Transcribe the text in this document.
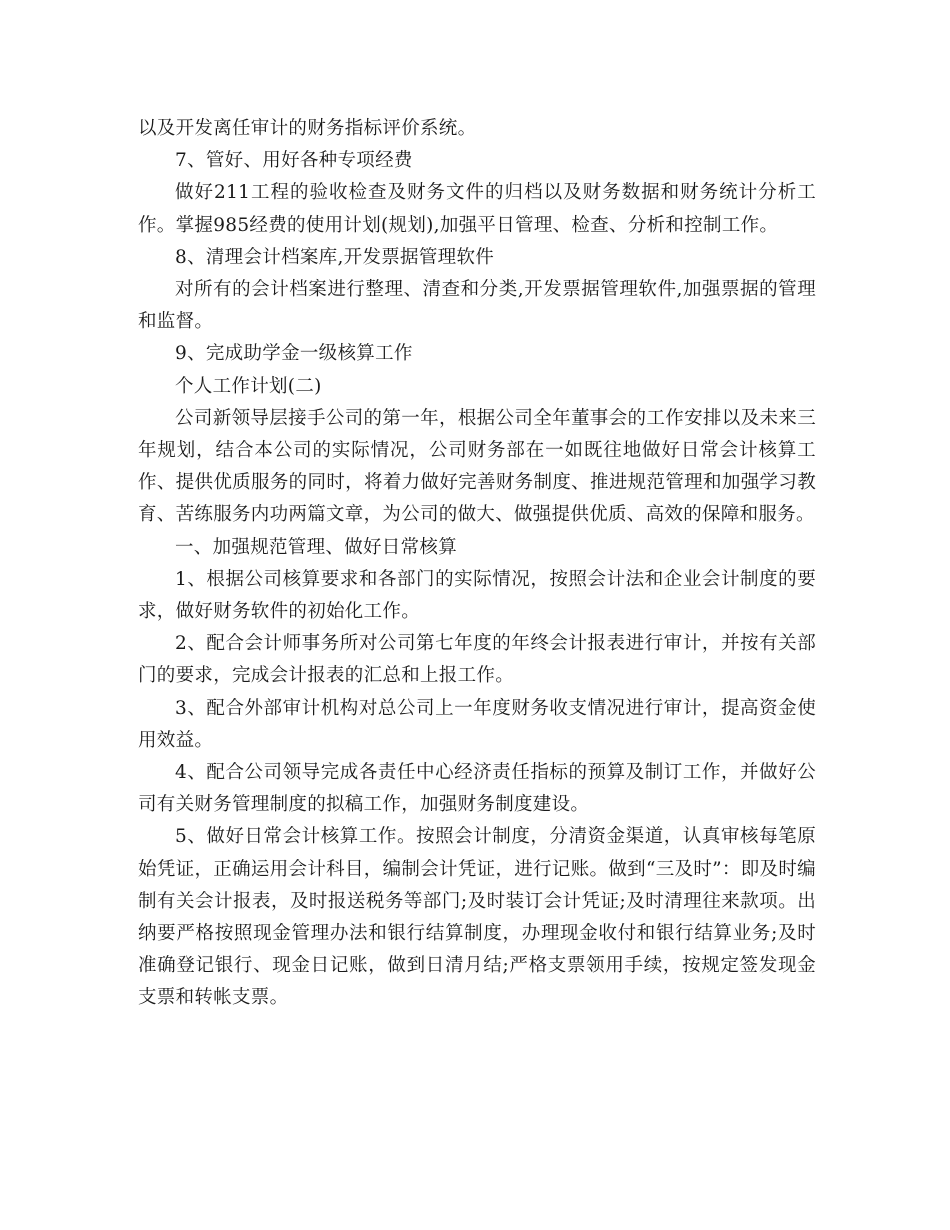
以及开发离任审计的财务指标评价系统。

7、管好、用好各种专项经费

做好211工程的验收检查及财务文件的归档以及财务数据和财务统计分析工作。掌握985经费的使用计划(规划),加强平日管理、检查、分析和控制工作。

8、清理会计档案库,开发票据管理软件

对所有的会计档案进行整理、清查和分类,开发票据管理软件,加强票据的管理和监督。

9、完成助学金一级核算工作

个人工作计划(二)

公司新领导层接手公司的第一年，根据公司全年董事会的工作安排以及未来三年规划，结合本公司的实际情况，公司财务部在一如既往地做好日常会计核算工作、提供优质服务的同时，将着力做好完善财务制度、推进规范管理和加强学习教育、苦练服务内功两篇文章，为公司的做大、做强提供优质、高效的保障和服务。

一、加强规范管理、做好日常核算

1、根据公司核算要求和各部门的实际情况，按照会计法和企业会计制度的要求，做好财务软件的初始化工作。

2、配合会计师事务所对公司第七年度的年终会计报表进行审计，并按有关部门的要求，完成会计报表的汇总和上报工作。

3、配合外部审计机构对总公司上一年度财务收支情况进行审计，提高资金使用效益。

4、配合公司领导完成各责任中心经济责任指标的预算及制订工作，并做好公司有关财务管理制度的拟稿工作，加强财务制度建设。

5、做好日常会计核算工作。按照会计制度，分清资金渠道，认真审核每笔原始凭证，正确运用会计科目，编制会计凭证，进行记账。做到“三及时”：即及时编制有关会计报表，及时报送税务等部门;及时装订会计凭证;及时清理往来款项。出纳要严格按照现金管理办法和银行结算制度，办理现金收付和银行结算业务;及时准确登记银行、现金日记账，做到日清月结;严格支票领用手续，按规定签发现金支票和转帐支票。
